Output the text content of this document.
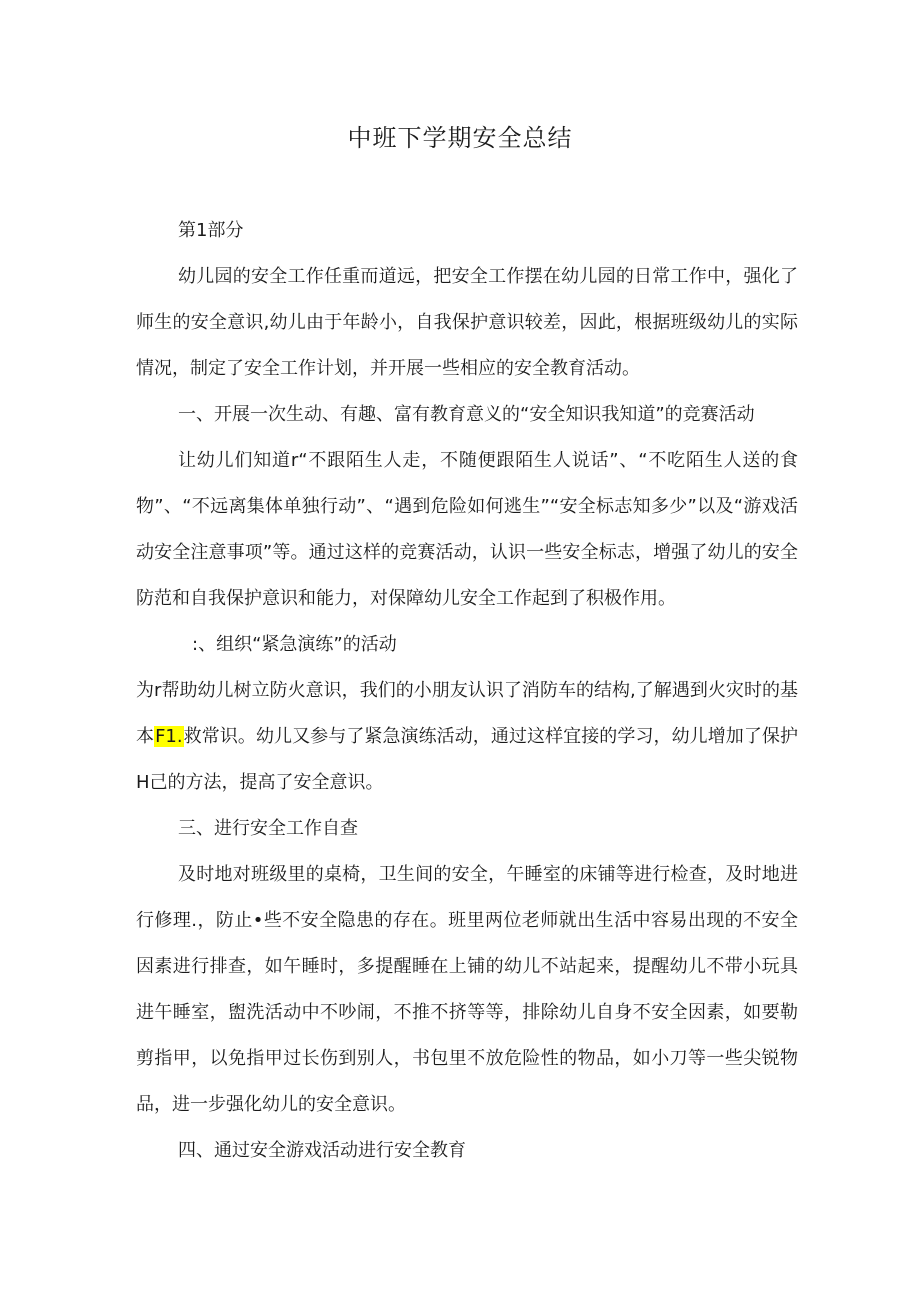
中班下学期安全总结

第1部分

幼儿园的安全工作任重而道远，把安全工作摆在幼儿园的日常工作中，强化了师生的安全意识,幼儿由于年龄小，自我保护意识较差，因此，根据班级幼儿的实际情况，制定了安全工作计划，并开展一些相应的安全教育活动。

一、开展一次生动、有趣、富有教育意义的“安全知识我知道”的竞赛活动

让幼儿们知道r“不跟陌生人走，不随便跟陌生人说话”、“不吃陌生人送的食物”、“不远离集体单独行动”、“遇到危险如何逃生”“安全标志知多少”以及“游戏活动安全注意事项”等。通过这样的竞赛活动，认识一些安全标志，增强了幼儿的安全防范和自我保护意识和能力，对保障幼儿安全工作起到了积极作用。

:、组织“紧急演练”的活动

为r帮助幼儿树立防火意识，我们的小朋友认识了消防车的结构,了解遇到火灾时的基本F1.救常识。幼儿又参与了紧急演练活动，通过这样宜接的学习，幼儿增加了保护H己的方法，提高了安全意识。

三、进行安全工作自查

及时地对班级里的桌椅，卫生间的安全，午睡室的床铺等进行检查，及时地进行修理.，防止•些不安全隐患的存在。班里两位老师就出生活中容易出现的不安全因素进行排查，如午睡时，多提醒睡在上铺的幼儿不站起来，提醒幼儿不带小玩具进午睡室，盥洗活动中不吵闹，不推不挤等等，排除幼儿自身不安全因素，如要勒剪指甲，以免指甲过长伤到别人，书包里不放危险性的物品，如小刀等一些尖锐物品，进一步强化幼儿的安全意识。

四、通过安全游戏活动进行安全教育
